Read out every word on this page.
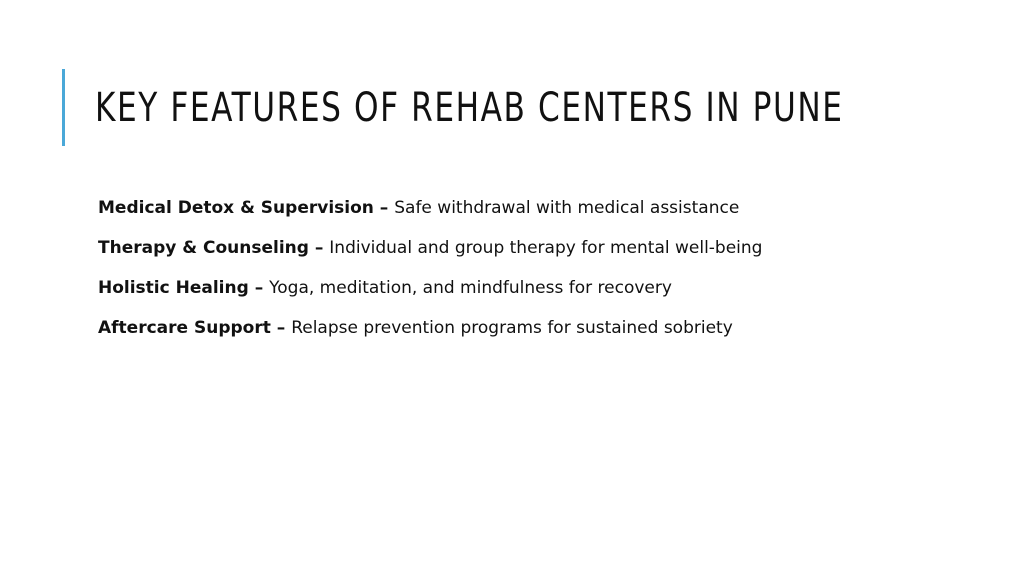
KEY FEATURES OF REHAB CENTERS IN PUNE
Medical Detox & Supervision – Safe withdrawal with medical assistance
Therapy & Counseling – Individual and group therapy for mental well-being
Holistic Healing – Yoga, meditation, and mindfulness for recovery
Aftercare Support – Relapse prevention programs for sustained sobriety
